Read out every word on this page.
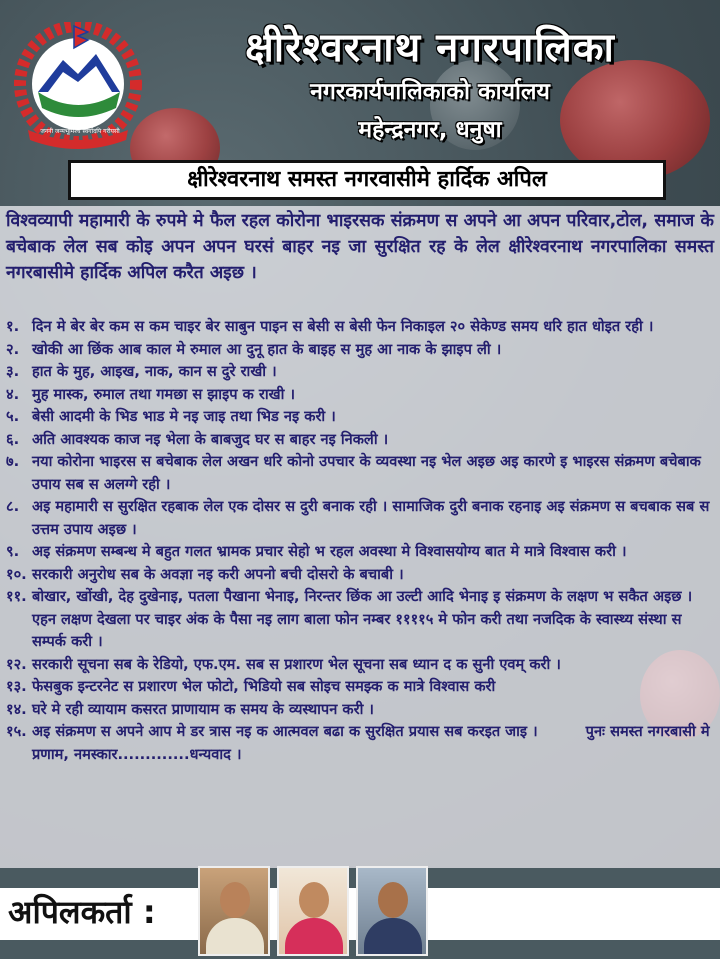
जननी जन्मभूमिश्च स्वर्गादपि गरीयसी
क्षीरेश्वरनाथ नगरपालिका
नगरकार्यपालिकाको कार्यालय
महेन्द्रनगर, धनुषा
क्षीरेश्वरनाथ समस्त नगरवासीमे हार्दिक अपिल
विश्वव्यापी महामारी के रुपमे मे फैल रहल कोरोना भाइरसक संक्रमण स अपने आ अपन परिवार,टोल, समाज के बचेबाक लेल सब कोइ अपन अपन घरसं बाहर नइ जा सुरक्षित रह के लेल क्षीरेश्वरनाथ नगरपालिका समस्त नगरबासीमे हार्दिक अपिल करैत अइछ ।
१. दिन मे बेर बेर कम स कम चाइर बेर साबुन पाइन स बेसी स बेसी फेन निकाइल २० सेकेण्ड समय धरि हात धोइत रही ।
२. खोकी आ छिंक आब काल मे रुमाल आ दुनू हात के बाइह स मुह आ नाक के झाइप ली ।
३. हात के मुह, आइख, नाक, कान स दुरे राखी ।
४. मुह मास्क, रुमाल तथा गमछा स झाइप क राखी ।
५. बेसी आदमी के भिड भाड मे नइ जाइ तथा भिड नइ करी ।
६. अति आवश्यक काज नइ भेला के बाबजुद घर स बाहर नइ निकली ।
७. नया कोरोना भाइरस स बचेबाक लेल अखन धरि कोनो उपचार के व्यवस्था नइ भेल अइछ अइ कारणे इ भाइरस संक्रमण बचेबाक उपाय सब स अलग्गे रही ।
८. अइ महामारी स सुरक्षित रहबाक लेल एक दोसर स दुरी बनाक रही । सामाजिक दुरी बनाक रहनाइ अइ संक्रमण स बचबाक सब स उत्तम उपाय अइछ ।
९. अइ संक्रमण सम्बन्ध मे बहुत गलत भ्रामक प्रचार सेहो भ रहल अवस्था मे विश्वासयोग्य बात मे मात्रे विश्वास करी ।
१०. सरकारी अनुरोध सब के अवज्ञा नइ करी अपनो बची दोसरो के बचाबी ।
११. बोखार, खोंखी, देह दुखेनाइ, पतला पैखाना भेनाइ, निरन्तर छिंक आ उल्टी आदि भेनाइ इ संक्रमण के लक्षण भ सकैत अइछ । एहन लक्षण देखला पर चाइर अंक के पैसा नइ लाग बाला फोन नम्बर ११११५ मे फोन करी तथा नजदिक के स्वास्थ्य संस्था स सम्पर्क करी ।
१२. सरकारी सूचना सब के रेडियो, एफ.एम. सब स प्रशारण भेल सूचना सब ध्यान द क सुनी एवम् करी ।
१३. फेसबुक इन्टरनेट स प्रशारण भेल फोटो, भिडियो सब सोइच समझ्क क मात्रे विश्वास करी
१४. घरे मे रही व्यायाम कसरत प्राणायाम क समय के व्यस्थापन करी ।
१५. अइ संक्रमण स अपने आप मे डर त्रास नइ क आत्मवल बढा क सुरक्षित प्रयास सब करइत जाइ ।	पुनः समस्त नगरबासी मे प्रणाम, नमस्कार.............धन्यवाद ।
अपिलकर्ता :
